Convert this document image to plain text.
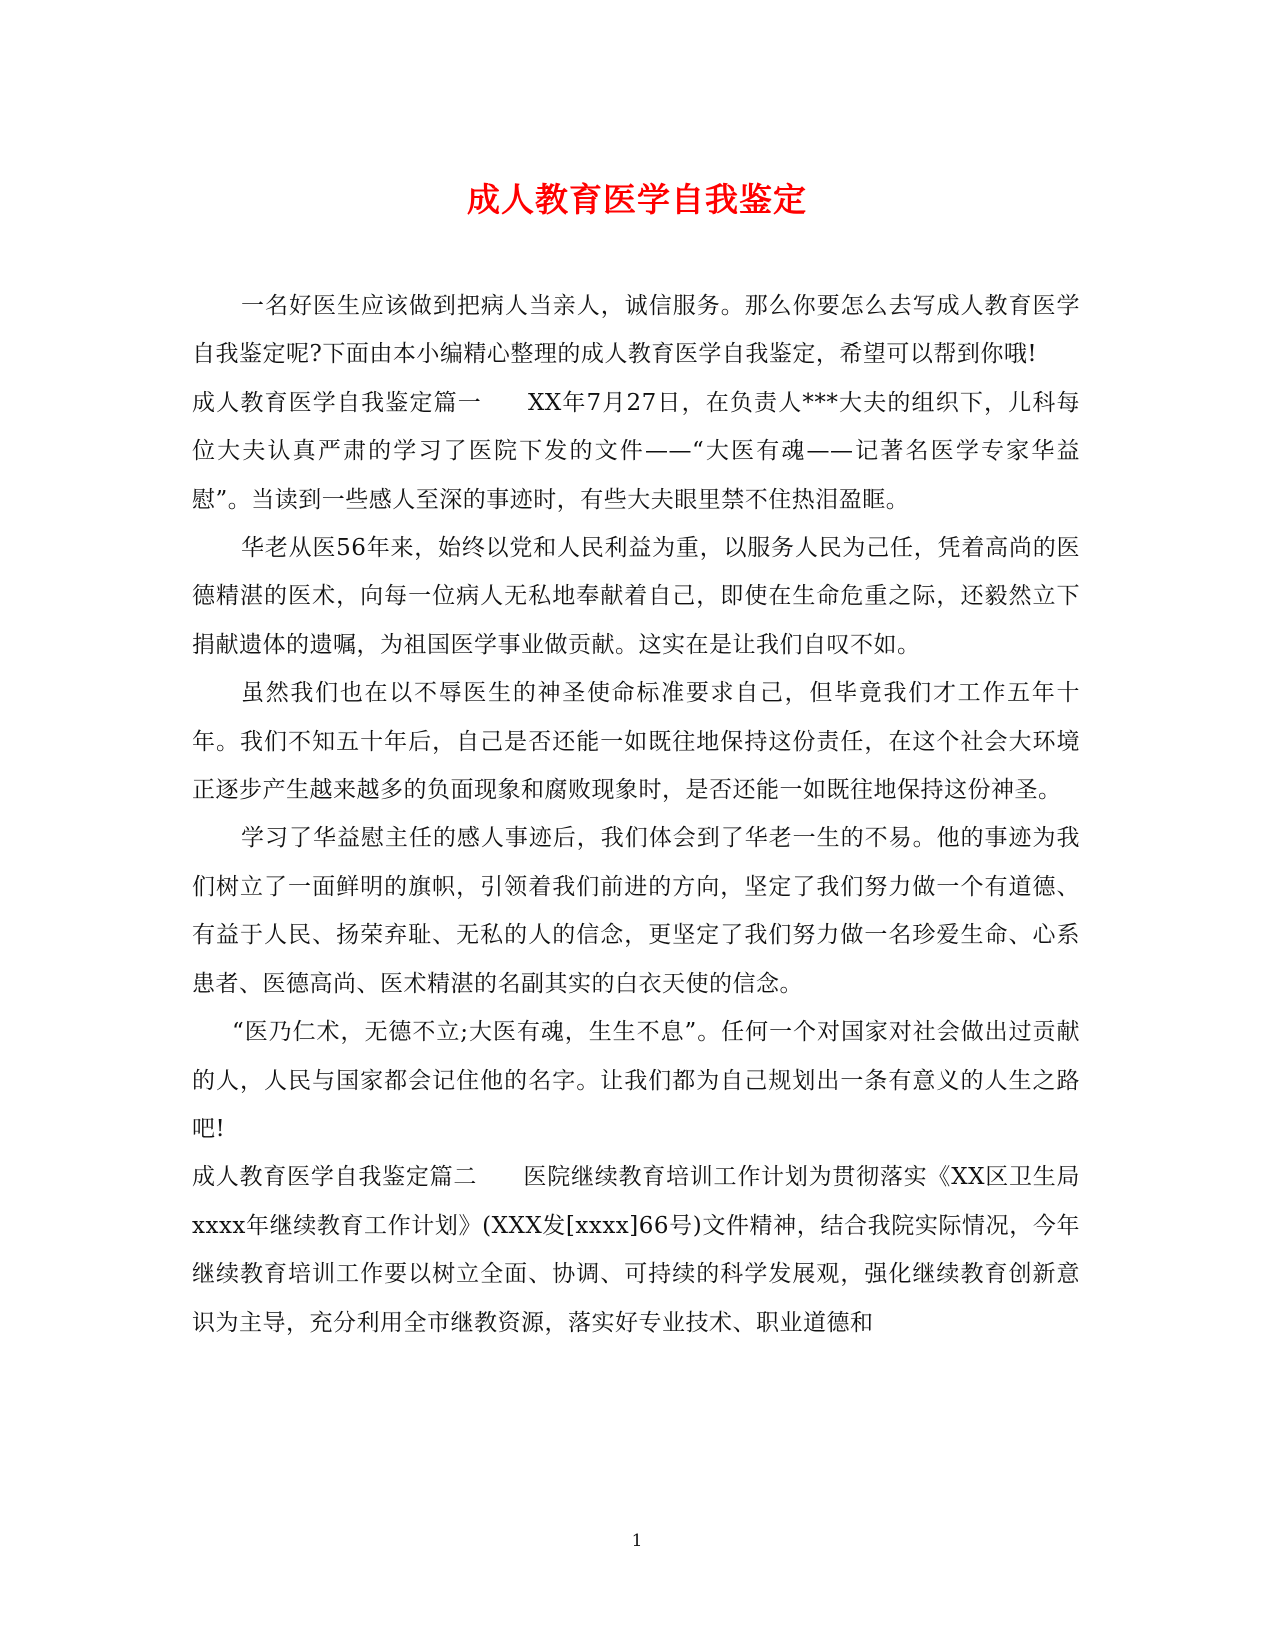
成人教育医学自我鉴定

一名好医生应该做到把病人当亲人，诚信服务。那么你要怎么去写成人教育医学自我鉴定呢?下面由本小编精心整理的成人教育医学自我鉴定，希望可以帮到你哦!

成人教育医学自我鉴定篇一 XX年7月27日，在负责人***大夫的组织下，儿科每位大夫认真严肃的学习了医院下发的文件——“大医有魂——记著名医学专家华益慰”。当读到一些感人至深的事迹时，有些大夫眼里禁不住热泪盈眶。

华老从医56年来，始终以党和人民利益为重，以服务人民为己任，凭着高尚的医德精湛的医术，向每一位病人无私地奉献着自己，即使在生命危重之际，还毅然立下捐献遗体的遗嘱，为祖国医学事业做贡献。这实在是让我们自叹不如。

虽然我们也在以不辱医生的神圣使命标准要求自己，但毕竟我们才工作五年十年。我们不知五十年后，自己是否还能一如既往地保持这份责任，在这个社会大环境正逐步产生越来越多的负面现象和腐败现象时，是否还能一如既往地保持这份神圣。

学习了华益慰主任的感人事迹后，我们体会到了华老一生的不易。他的事迹为我们树立了一面鲜明的旗帜，引领着我们前进的方向，坚定了我们努力做一个有道德、有益于人民、扬荣弃耻、无私的人的信念，更坚定了我们努力做一名珍爱生命、心系患者、医德高尚、医术精湛的名副其实的白衣天使的信念。

“医乃仁术，无德不立;大医有魂，生生不息”。任何一个对国家对社会做出过贡献的人，人民与国家都会记住他的名字。让我们都为自己规划出一条有意义的人生之路吧!

成人教育医学自我鉴定篇二 医院继续教育培训工作计划为贯彻落实《XX区卫生局xxxx年继续教育工作计划》(XXX发[xxxx]66号)文件精神，结合我院实际情况，今年继续教育培训工作要以树立全面、协调、可持续的科学发展观，强化继续教育创新意识为主导，充分利用全市继教资源，落实好专业技术、职业道德和

1
